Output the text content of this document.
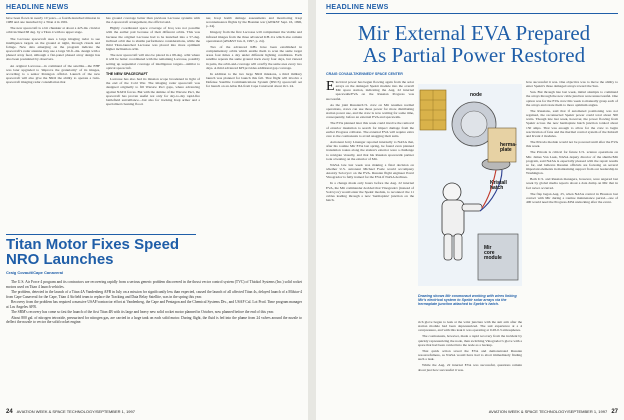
HEADLINE NEWS

have been flown in nearly 10 years—a fourth-launched mission in 1988 and one launched by a Titan 4 in 1991.

The new spacecraft is a bit chunkier at about a 425-mi. circular orbit inclined 68 deg. by a Titan 4 with no upper stage.

The Lacrosse spacecraft uses a large imaging radar to see intelligence targets on the ground at night, through clouds and foliage. New data emerging on the program indicate the spacecraft's radar antenna may use a large 50-ft.-dia. design with a phased array feed, although a flat-panel phased array design has also been postulated by observers.

An original Lacrosse—in command of the satellite—the EHF was later upgraded to 'improve the granularity' of its images, according to a senior Pentagon official. Launch of the new spacecraft will also give the NRO the ability to operate a twin-spacecraft imaging radar constellation that

has ground coverage better than previous Lacrosse systems with the 2-spacecraft arrangement, the official said.

Highly coordinated space coverage of Iraq was not possible with the earlier pair because of their different orbits. This was because the original Lacrosse had to be launched into a 57-deg. inclined orbit due to shuttle performance considerations, while the third Titan-launched Lacrosse was placed into more optimum higher inclination orbit.

The new spacecraft will also be placed in a 68-deg. orbit where it will be better coordinated with the remaining Lacrosse, possibly setting up sequential coverage of intelligence targets—similar to optical spacecraft.

THE NEW SPACECRAFT

Lacrosse has also had its mission scope broadened in light of the end of the Cold War. The imaging radar spacecraft was designed originally to fill Warsaw Pact gaps, where advancing against NATO forces. But with the demise of the Warsaw Pact, the spacecraft has proven useful not only for day-to-day rapid-fire battlefield surveillance—but also for tracking Iraqi armor and a specialized cleaning flood.

ner, Iraqi bomb damage assessments and monitoring Iraqi reconnaissance flights by the Bosnian war (AW&ST Sept. 16, 1996, p. 24).

Imagery from the first Lacrosse will complement the visible and infrared images from the three advanced KH-11s which also remain operational (AW&ST Jan. 6, 1997, p. 24).

Two of the advanced KHs have been established in complementary orbits which enable them to scan the same target areas four times a day under different lighting conditions. Each satellite repeats the same ground track every four days, but viewed in pairs, the orbit-and-coverage will overfly the same area every two days. A third advanced KH provides additional gap coverage.

In addition to the two large NRO missions, a third military launch was planned for launch this fall. That flight will involve a Defense Satellite Communications System (DSCS) spacecraft set for launch on an Atlas IIA from Cape Canaveral about Oct. 24.

Titan Motor Fixes Speed NRO Launches
Craig Covault/Cape Canaveral

The U.S. Air Force 4 program and its contractors are recovering rapidly from a serious generic problem discovered in the thrust vector control system (TVC) of Thiokol Systems (Inc.) solid rocket motors used on Titan 4 launch vehicles.

The problem, detected in the launch of a Titan 4A Vandenberg AFB in July on a mission for significantly less than expected, caused the launch of all affected Titan 4s, delayed launch of a Milstar-4 from Cape Canaveral for the Cape, Titan 4 Airfield team to replace the Tracking and Data Relay Satellite, was in the spring this year.

Recovery from the problem has required a massive USAF/contractor effort at Vandenberg, the Cape and Pentagon and the Chemical Systems Div., and USAF Cal. Lot Prod. Time program manager at Los Angeles AFB.

The SRM's recovery has come so fast the launch of the first Titan 4B with its large and heavy new solid rocket motor planned in October, now planned before the end of this year.

About 800 gal. of nitrogen tetroxide, pressurized for nitrogen gas, are carried in a large tank on each solid motor. During flight, the fluid is fed into the plume from 24 valves around the nozzle to deflect the nozzle to vector the solid rocket engine.

24 AVIATION WEEK & SPACE TECHNOLOGY/SEPTEMBER 1, 1997
HEADLINE NEWS
Mir External EVA Prepared
As Partial Power Restored
CRAIG COVAULT/KENNEDY SPACE CENTER

Electrical power has begun flowing again from the solar arrays on the damaged Spektr module into the overall Mir space station, indicating the Aug. 22 internal spacewalk/EVA on the Russian Progress was successful.

As the joint Russian/U.S. crew on Mir resumes normal operations, crews can use those power for more distributing station power use, and the crew is now waiting for some time, consequently, before an external EVA and spacewalk.

The EVA planned later this week could involve the removal of exterior insulation to search for impact damage from the earlier Progress collision. The external EVA will require extra care to the cosmonauts to avoid snagging their suits.

Astronaut Jerry Linenger reported internally to NASA that, after his routine Mir EVA last spring, he found even planned translation routes along the station's exterior were a challenge to navigate visually, and that his Russian spacewalk partner took a beating on the exterior of Mir.

NASA late last week was making a final decision on whether U.S. astronaut Michael Foale would accompany Anatoly Solovyov on the EVA. Russian flight engineer Pavel Vinogradov is fully trained for the EVA if NASA declines.

In a change made only hours before the Aug. 22 internal EVA, the Mir commander decided that Vinogradov (instead of Solovyov) would enter the Spektr module, to reconnect the 11 cables leading through a new 'hermaplate' junction on the hatch.

node
herma-plate
Kristall hatch
Mir core module
Drawing shows Mir cosmonaut working with wires linking Mir's electrical system to Spektr solar arrays via the hermaplate junction attached to Spektr's hatch.

rich glove began to leak at the wrist juncture with the suit arm after the station module had been depressurized. The suit experience at a 4 overpressure, and with this leak it was operating at 0.28-0.3 atmospheres.

The cosmonauts, however, made a rapid recovery from the incident by quickly repressurizing the node, then switching Vinogradov's glove with a spare that had been carried into the node as a backup.

That quick action saved the EVA and demonstrated Russian resourcefulness, as NASA would have had to abort immediately finding such a leak.

While the Aug. 22 internal EVA was successful, questions remain about just how successful it was.

how successful it was. One objective was to move the ability to enter Spektr's three damaged arrays toward the Sun.

Sun. But through late last week, initial attempts to command the arrays through the new cable junction were unsuccessful. One option was for the EVA crew this week to manually grasp each of the arrays and rotate them to more optimum angles.

The Russians, said that if automated positioning was not regained, the reconnected Spektr power could total about 500 watts. Though late last week, however, the power flowing from Spektr across the new hermaplate hatch junction totaled about 150 amps. That was enough to allow for the crew to begin reactivation of fans and the thermal control system of the Kristall and Kvant 2 modules.

The Priroda module would not be powered until after the EVA this week.

The Priroda is critical for future U.S. science operations on Mir. James Van Laak, NASA deputy director of the shuttle/Mir program, said NASA is especially pleased with the repair results so far, and believes Russian officials are focusing on several important elements in maintaining support from our leadership in Washington.

Both U.S. and Russian managers, however, were angered last week by global media reports about a data dump on Mir that in fact never occurred.

The flap began Aug. 25, when NASA control in Houston lost contact with Mir during a routine maintenance period—one of 400 would need the Progress-M34 undocking after the event.

AVIATION WEEK & SPACE TECHNOLOGY/SEPTEMBER 1, 1997 27
